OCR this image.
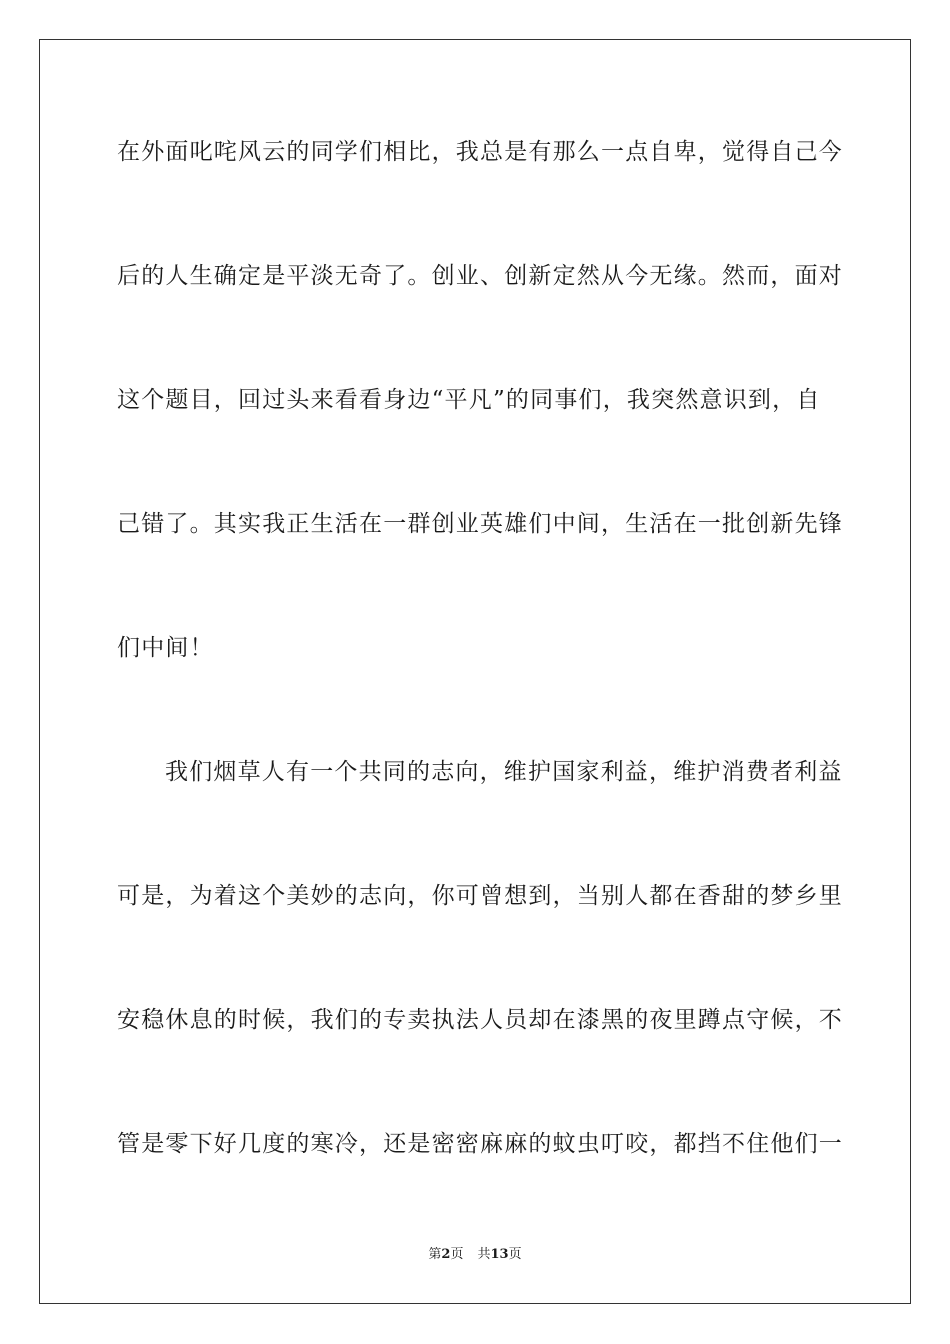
在外面叱咤风云的同学们相比，我总是有那么一点自卑，觉得自己今
后的人生确定是平淡无奇了。创业、创新定然从今无缘。然而，面对
这个题目，回过头来看看身边“平凡”的同事们，我突然意识到，自
己错了。其实我正生活在一群创业英雄们中间，生活在一批创新先锋
们中间！
我们烟草人有一个共同的志向，维护国家利益，维护消费者利益
可是，为着这个美妙的志向，你可曾想到，当别人都在香甜的梦乡里
安稳休息的时候，我们的专卖执法人员却在漆黑的夜里蹲点守候，不
管是零下好几度的寒冷，还是密密麻麻的蚊虫叮咬，都挡不住他们一
第2页 共13页
